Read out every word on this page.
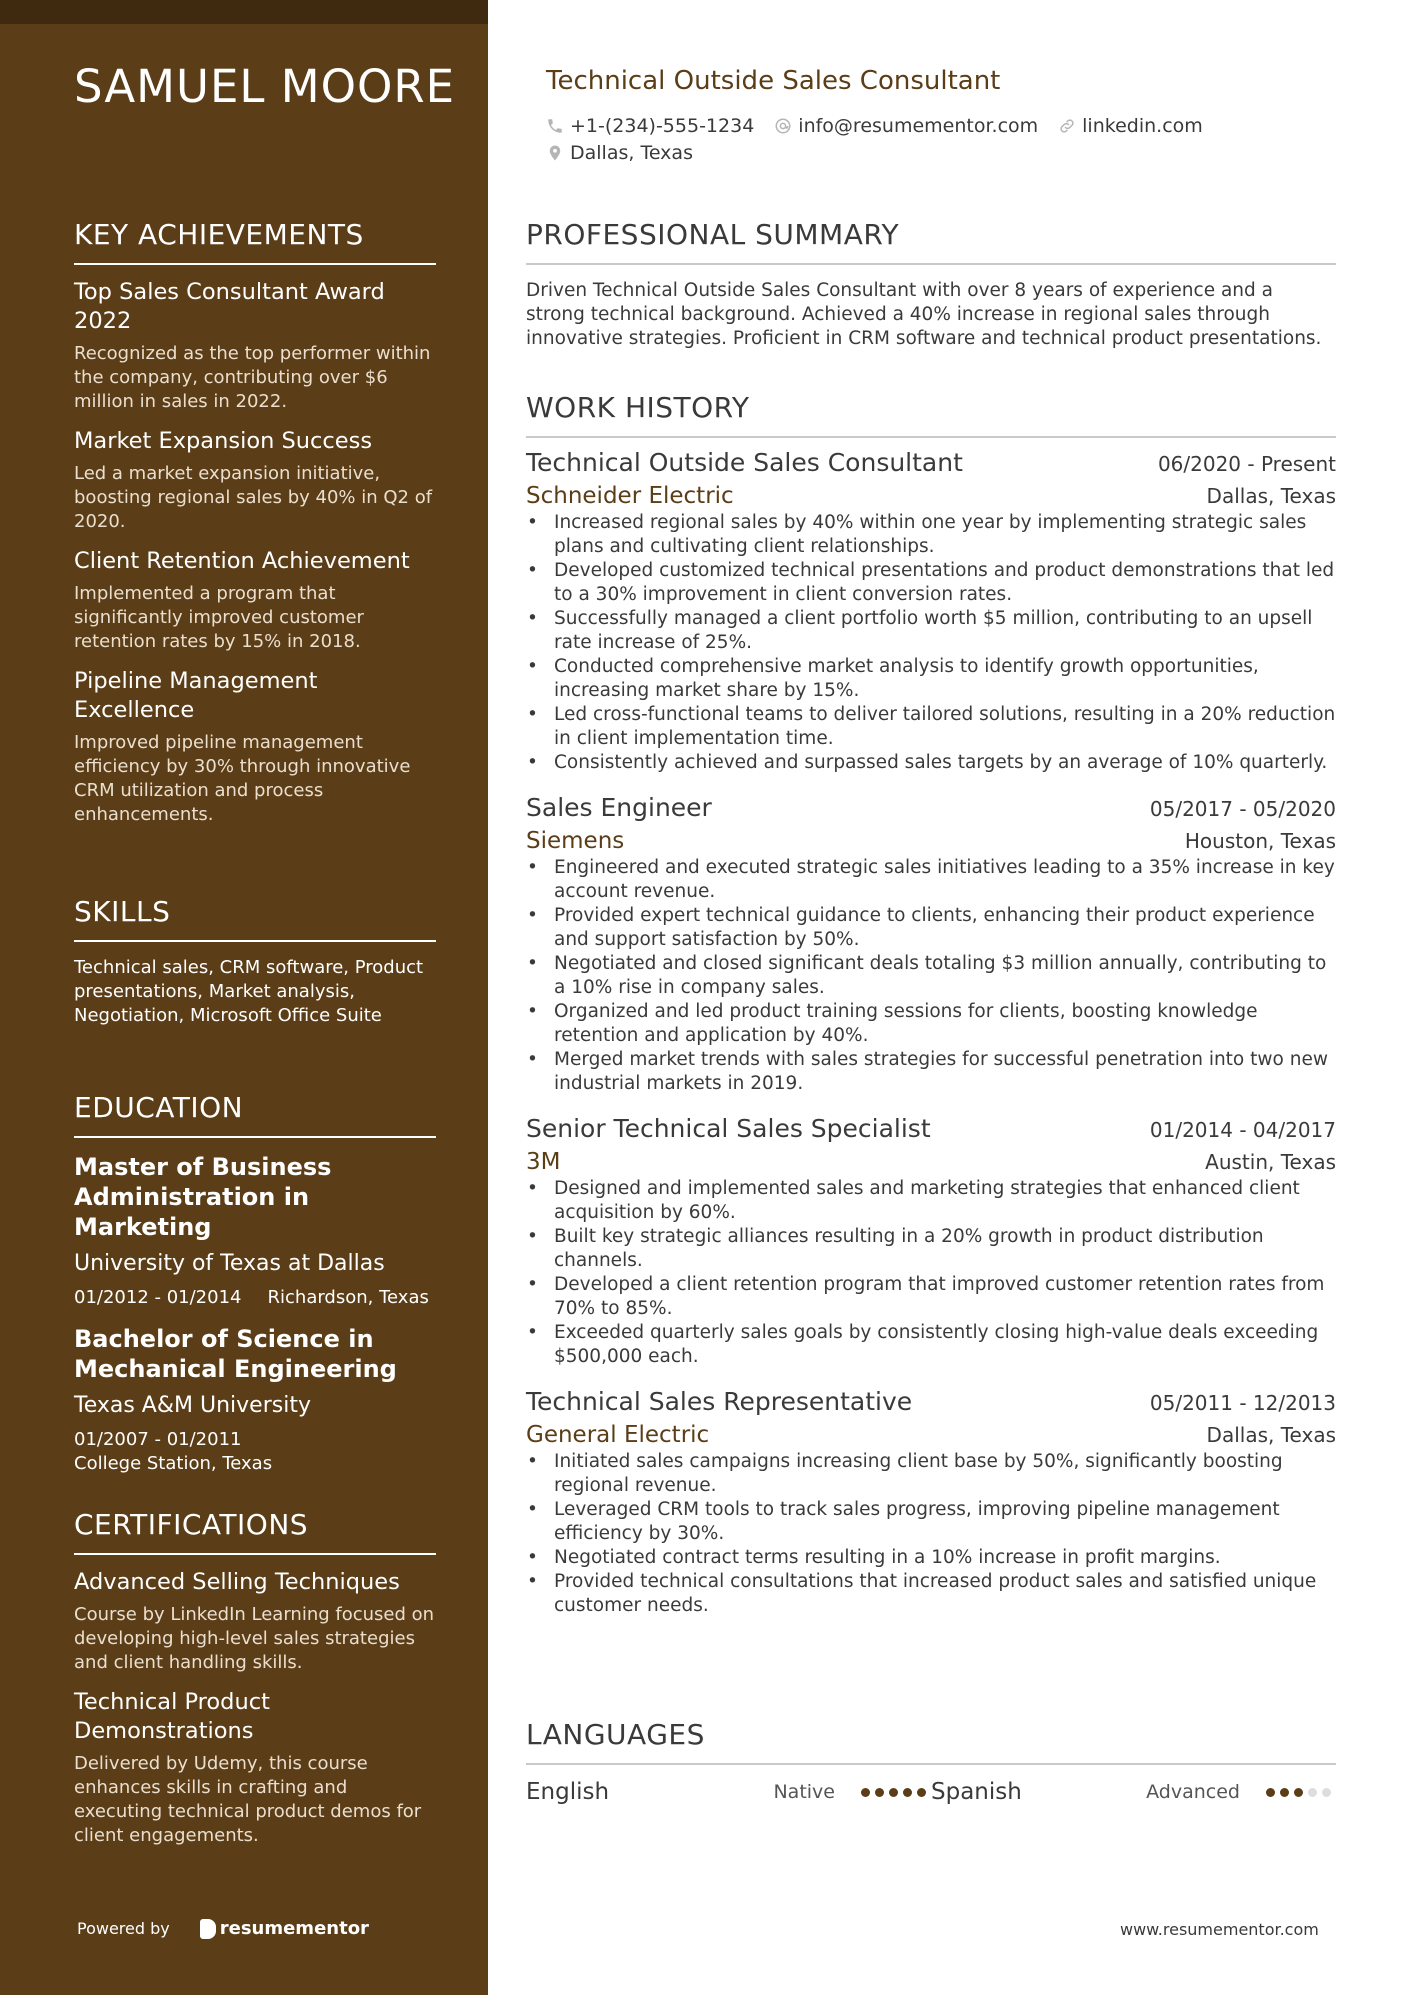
SAMUEL MOORE
KEY ACHIEVEMENTS
Top Sales Consultant Award 2022
Recognized as the top performer within the company, contributing over $6 million in sales in 2022.
Market Expansion Success
Led a market expansion initiative, boosting regional sales by 40% in Q2 of 2020.
Client Retention Achievement
Implemented a program that significantly improved customer retention rates by 15% in 2018.
Pipeline Management Excellence
Improved pipeline management efficiency by 30% through innovative CRM utilization and process enhancements.
SKILLS
Technical sales, CRM software, Product presentations, Market analysis, Negotiation, Microsoft Office Suite
EDUCATION
Master of Business Administration in Marketing
University of Texas at Dallas
01/2012 - 01/2014 Richardson, Texas
Bachelor of Science in Mechanical Engineering
Texas A&M University
01/2007 - 01/2011
College Station, Texas
CERTIFICATIONS
Advanced Selling Techniques
Course by LinkedIn Learning focused on developing high-level sales strategies and client handling skills.
Technical Product Demonstrations
Delivered by Udemy, this course enhances skills in crafting and executing technical product demos for client engagements.
Powered by	resumementor
Technical Outside Sales Consultant
+1-(234)-555-1234 info@resumementor.com linkedin.com
Dallas, Texas
PROFESSIONAL SUMMARY
Driven Technical Outside Sales Consultant with over 8 years of experience and a strong technical background. Achieved a 40% increase in regional sales through innovative strategies. Proficient in CRM software and technical product presentations.
WORK HISTORY
Technical Outside Sales Consultant	06/2020 - Present
Schneider Electric	Dallas, Texas
• Increased regional sales by 40% within one year by implementing strategic sales plans and cultivating client relationships.
• Developed customized technical presentations and product demonstrations that led to a 30% improvement in client conversion rates.
• Successfully managed a client portfolio worth $5 million, contributing to an upsell rate increase of 25%.
• Conducted comprehensive market analysis to identify growth opportunities, increasing market share by 15%.
• Led cross-functional teams to deliver tailored solutions, resulting in a 20% reduction in client implementation time.
• Consistently achieved and surpassed sales targets by an average of 10% quarterly.
Sales Engineer	05/2017 - 05/2020
Siemens	Houston, Texas
• Engineered and executed strategic sales initiatives leading to a 35% increase in key account revenue.
• Provided expert technical guidance to clients, enhancing their product experience and support satisfaction by 50%.
• Negotiated and closed significant deals totaling $3 million annually, contributing to a 10% rise in company sales.
• Organized and led product training sessions for clients, boosting knowledge retention and application by 40%.
• Merged market trends with sales strategies for successful penetration into two new industrial markets in 2019.
Senior Technical Sales Specialist	01/2014 - 04/2017
3M	Austin, Texas
• Designed and implemented sales and marketing strategies that enhanced client acquisition by 60%.
• Built key strategic alliances resulting in a 20% growth in product distribution channels.
• Developed a client retention program that improved customer retention rates from 70% to 85%.
• Exceeded quarterly sales goals by consistently closing high-value deals exceeding $500,000 each.
Technical Sales Representative	05/2011 - 12/2013
General Electric	Dallas, Texas
• Initiated sales campaigns increasing client base by 50%, significantly boosting regional revenue.
• Leveraged CRM tools to track sales progress, improving pipeline management efficiency by 30%.
• Negotiated contract terms resulting in a 10% increase in profit margins.
• Provided technical consultations that increased product sales and satisfied unique customer needs.
LANGUAGES
English	Native	Spanish	Advanced
www.resumementor.com
